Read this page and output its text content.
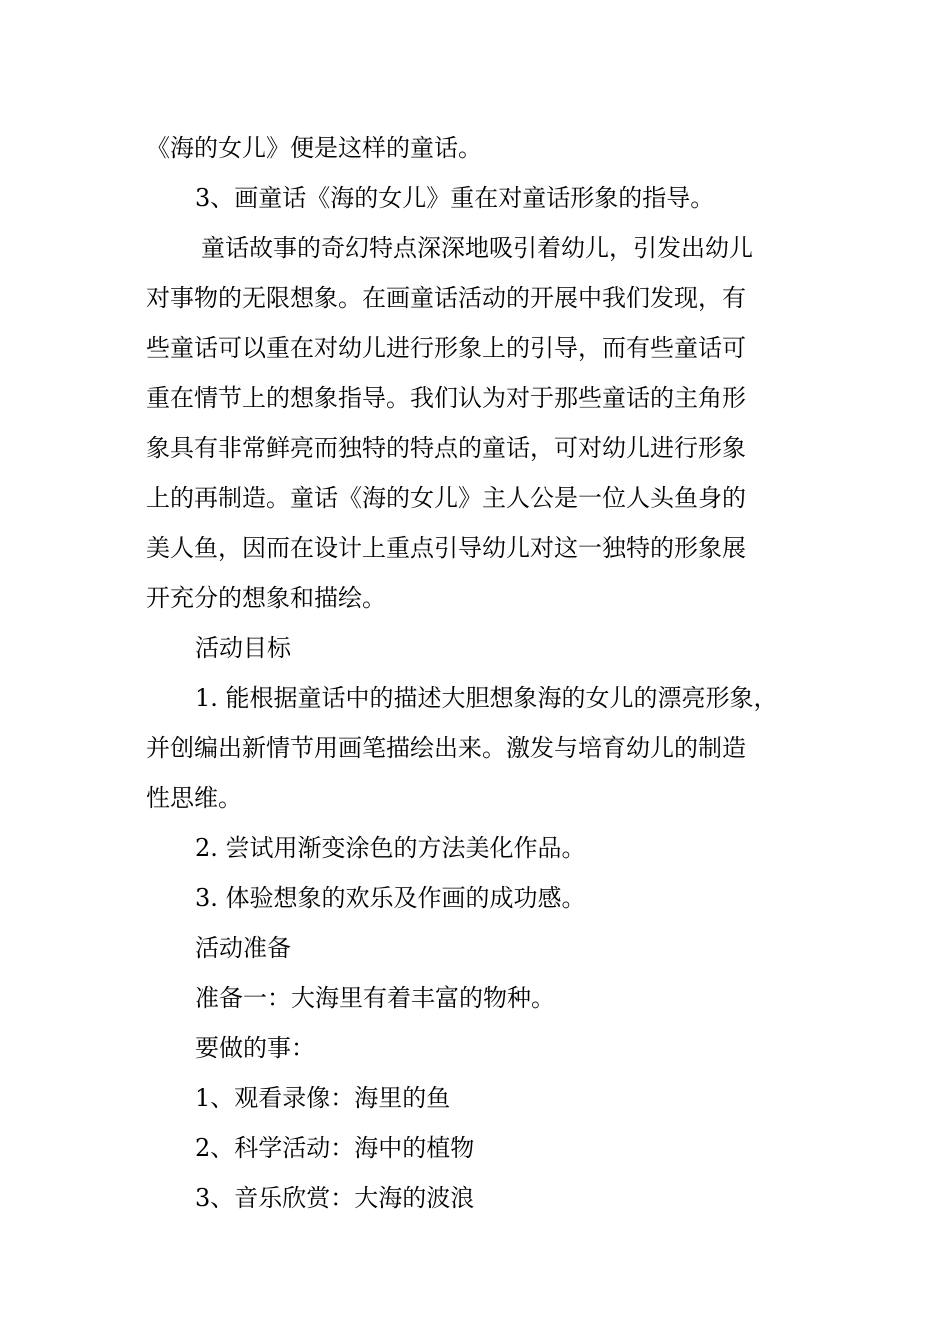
《海的女儿》便是这样的童话。
3、画童话《海的女儿》重在对童话形象的指导。
童话故事的奇幻特点深深地吸引着幼儿，引发出幼儿
对事物的无限想象。在画童话活动的开展中我们发现，有
些童话可以重在对幼儿进行形象上的引导，而有些童话可
重在情节上的想象指导。我们认为对于那些童话的主角形
象具有非常鲜亮而独特的特点的童话，可对幼儿进行形象
上的再制造。童话《海的女儿》主人公是一位人头鱼身的
美人鱼，因而在设计上重点引导幼儿对这一独特的形象展
开充分的想象和描绘。
活动目标
1. 能根据童话中的描述大胆想象海的女儿的漂亮形象，
并创编出新情节用画笔描绘出来。激发与培育幼儿的制造
性思维。
2. 尝试用渐变涂色的方法美化作品。
3. 体验想象的欢乐及作画的成功感。
活动准备
准备一：大海里有着丰富的物种。
要做的事：
1、观看录像：海里的鱼
2、科学活动：海中的植物
3、音乐欣赏：大海的波浪
